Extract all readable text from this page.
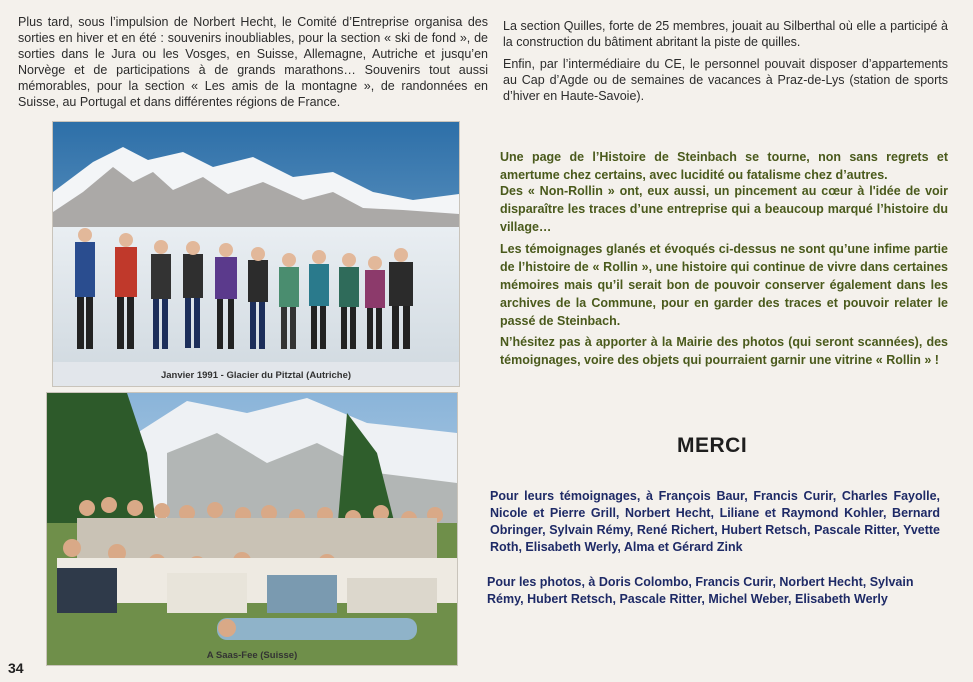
Plus tard, sous l’impulsion de Norbert Hecht, le Comité d’Entreprise organisa des sorties en hiver et en été : souvenirs inoubliables, pour la section « ski de fond », de sorties dans le Jura ou les Vosges, en Suisse, Allemagne, Autriche et jusqu’en Norvège et de participations à de grands marathons… Souvenirs tout aussi mémorables, pour la section « Les amis de la montagne », de randonnées en Suisse, au Portugal et dans différentes régions de France.

Janvier 1991 - Glacier du Pitztal (Autriche)
A Saas-Fee (Suisse)
34

La section Quilles, forte de 25 membres, jouait au Silberthal où elle a participé à la construction du bâtiment abritant la piste de quilles.

Enfin, par l’intermédiaire du CE, le personnel pouvait disposer d’appartements au Cap d’Agde ou de semaines de vacances à Praz-de-Lys (station de sports d’hiver en Haute-Savoie).

Une page de l’Histoire de Steinbach se tourne, non sans regrets et amertume chez certains, avec lucidité ou fatalisme chez d’autres.

Des « Non-Rollin » ont, eux aussi, un pincement au cœur à l'idée de voir disparaître les traces d’une entreprise qui a beaucoup marqué l’histoire du village…

Les témoignages glanés et évoqués ci-dessus ne sont qu’une infime partie de l’histoire de « Rollin », une histoire qui continue de vivre dans certaines mémoires mais qu’il serait bon de pouvoir conserver également dans les archives de la Commune, pour en garder des traces et pouvoir relater le passé de Steinbach.

N’hésitez pas à apporter à la Mairie des photos (qui seront scannées), des témoignages, voire des objets qui pourraient garnir une vitrine « Rollin » !

MERCI

Pour leurs témoignages, à François Baur, Francis Curir, Charles Fayolle, Nicole et Pierre Grill, Norbert Hecht, Liliane et Raymond Kohler, Bernard Obringer, Sylvain Rémy, René Richert, Hubert Retsch, Pascale Ritter, Yvette Roth, Elisabeth Werly, Alma et Gérard Zink

Pour les photos, à Doris Colombo, Francis Curir, Norbert Hecht, Sylvain Rémy, Hubert Retsch, Pascale Ritter, Michel Weber, Elisabeth Werly
